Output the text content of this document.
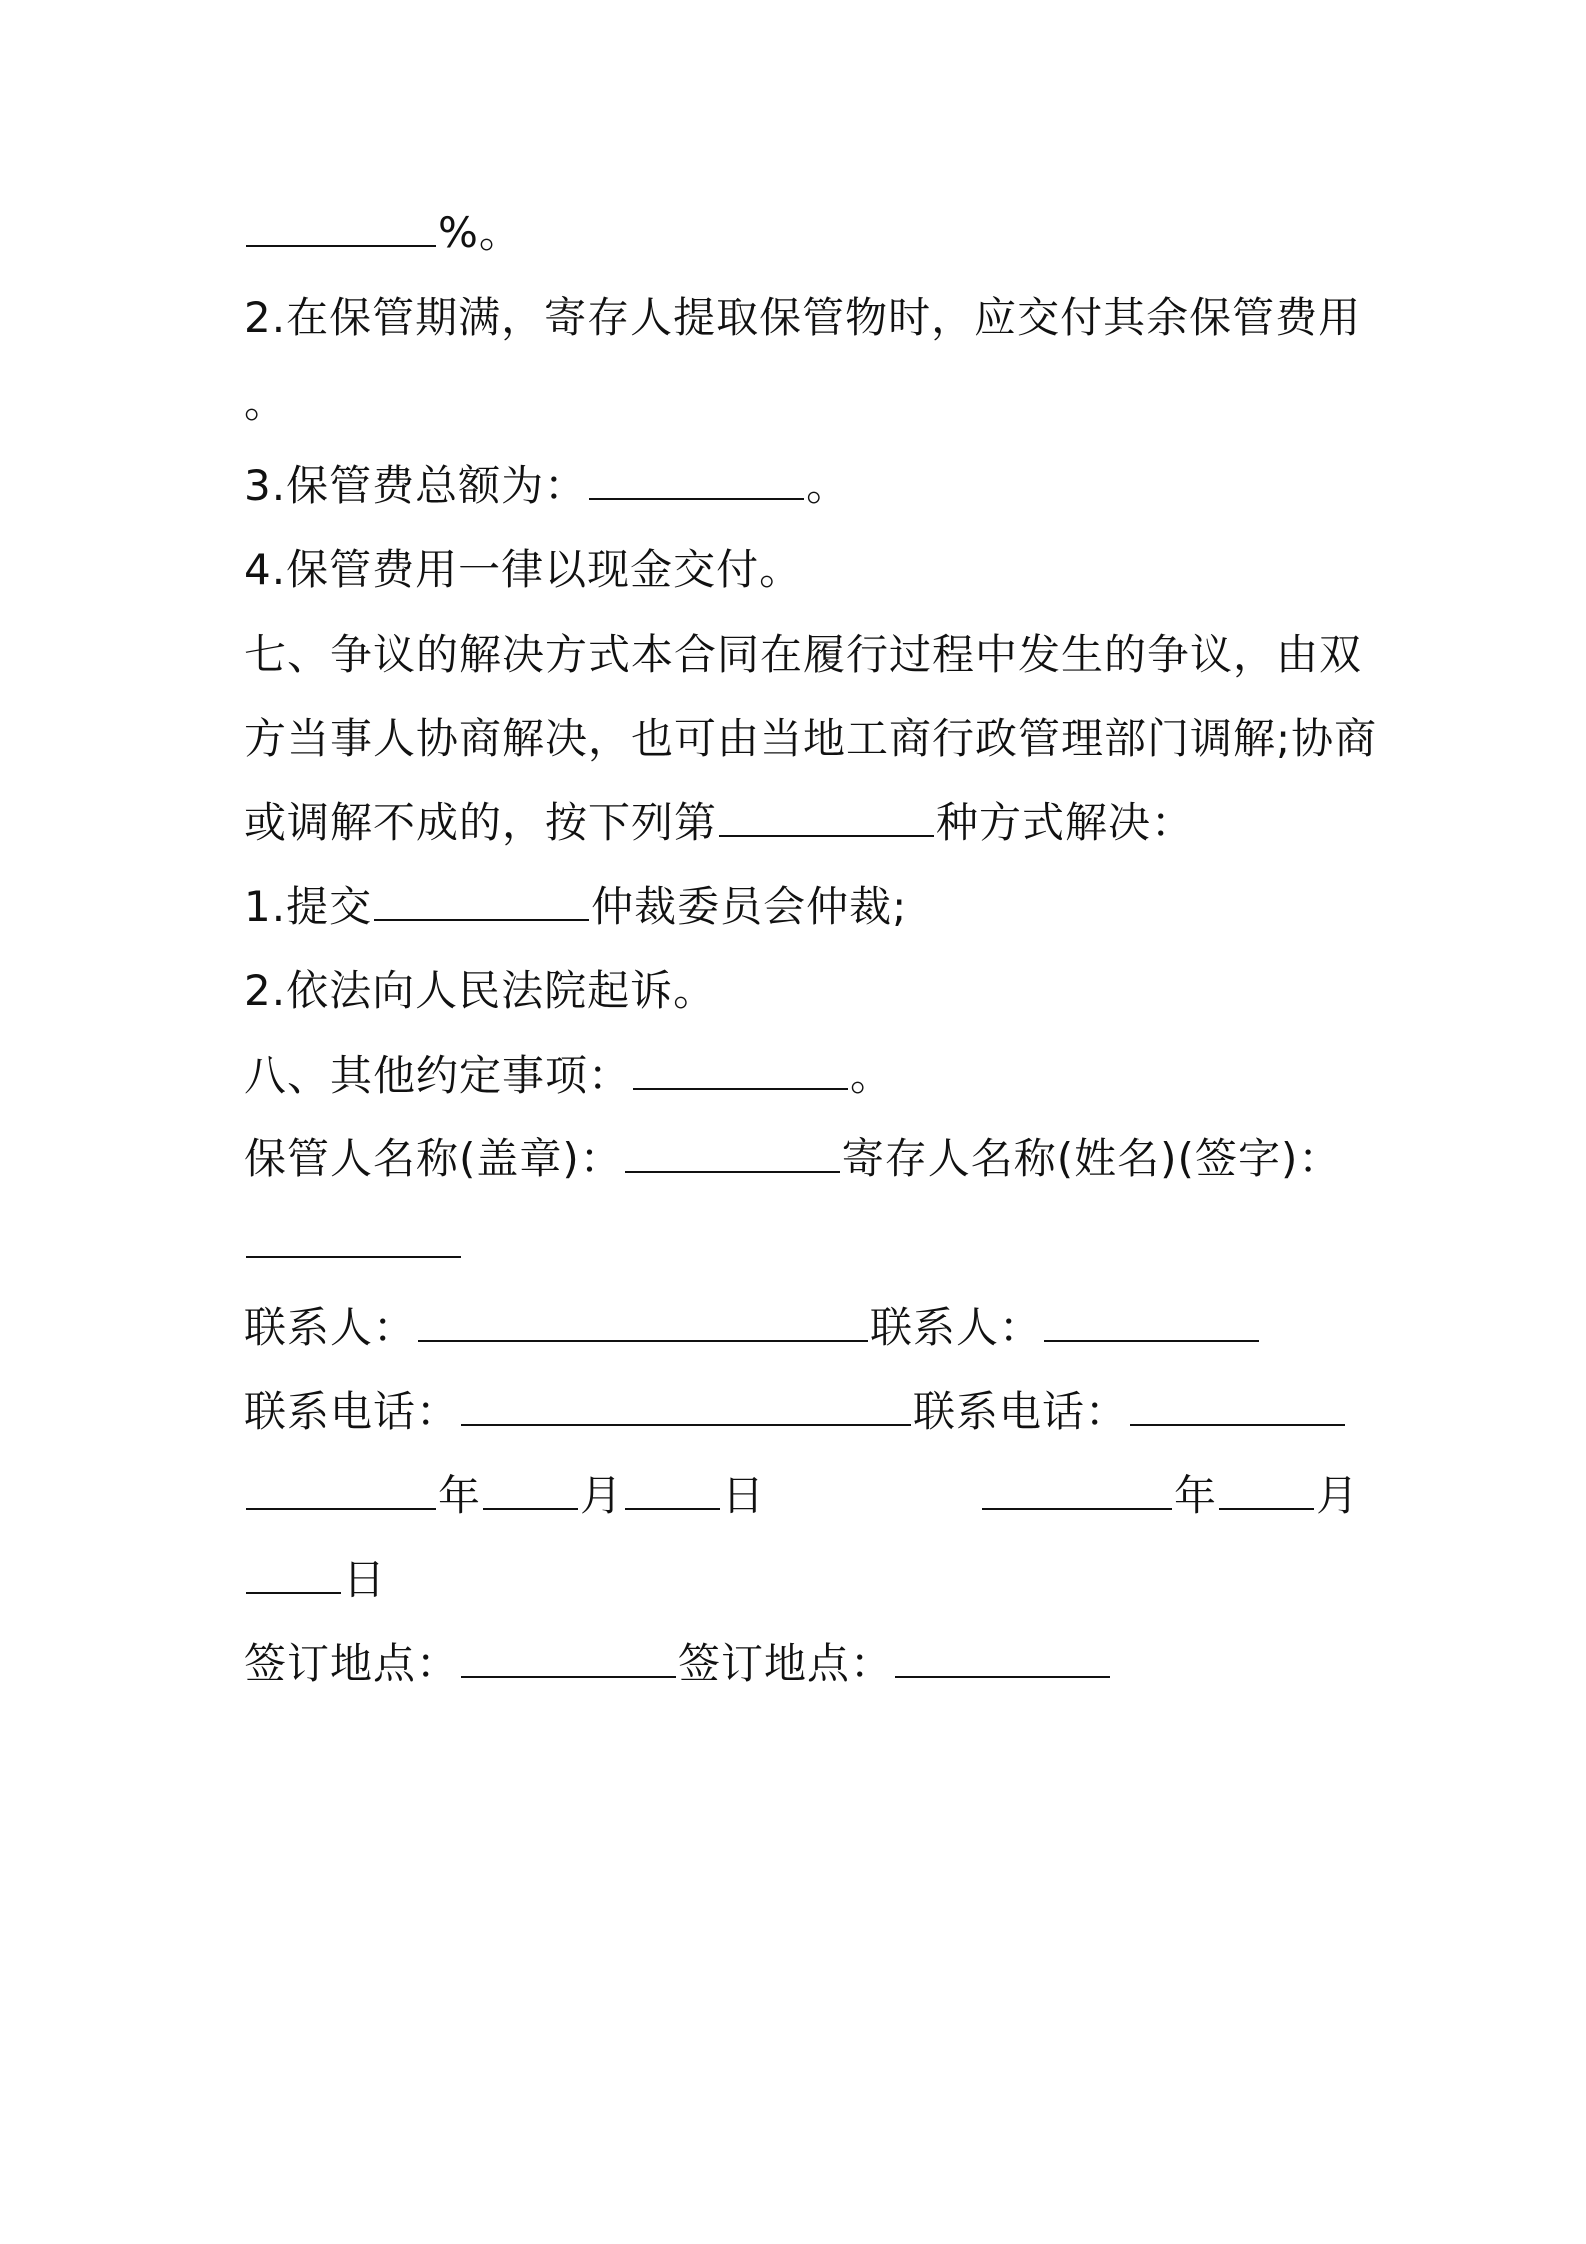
%。
2.在保管期满，寄存人提取保管物时，应交付其余保管费用
。
3.保管费总额为：	。
4.保管费用一律以现金交付。
七、争议的解决方式本合同在履行过程中发生的争议，由双
方当事人协商解决，也可由当地工商行政管理部门调解;协商
或调解不成的，按下列第	种方式解决：
1.提交	仲裁委员会仲裁;
2.依法向人民法院起诉。
八、其他约定事项：	。
保管人名称(盖章)：	寄存人名称(姓名)(签字)：
联系人：	联系人：
联系电话：	联系电话：
年 月 日	年 月
日
签订地点：	签订地点：
